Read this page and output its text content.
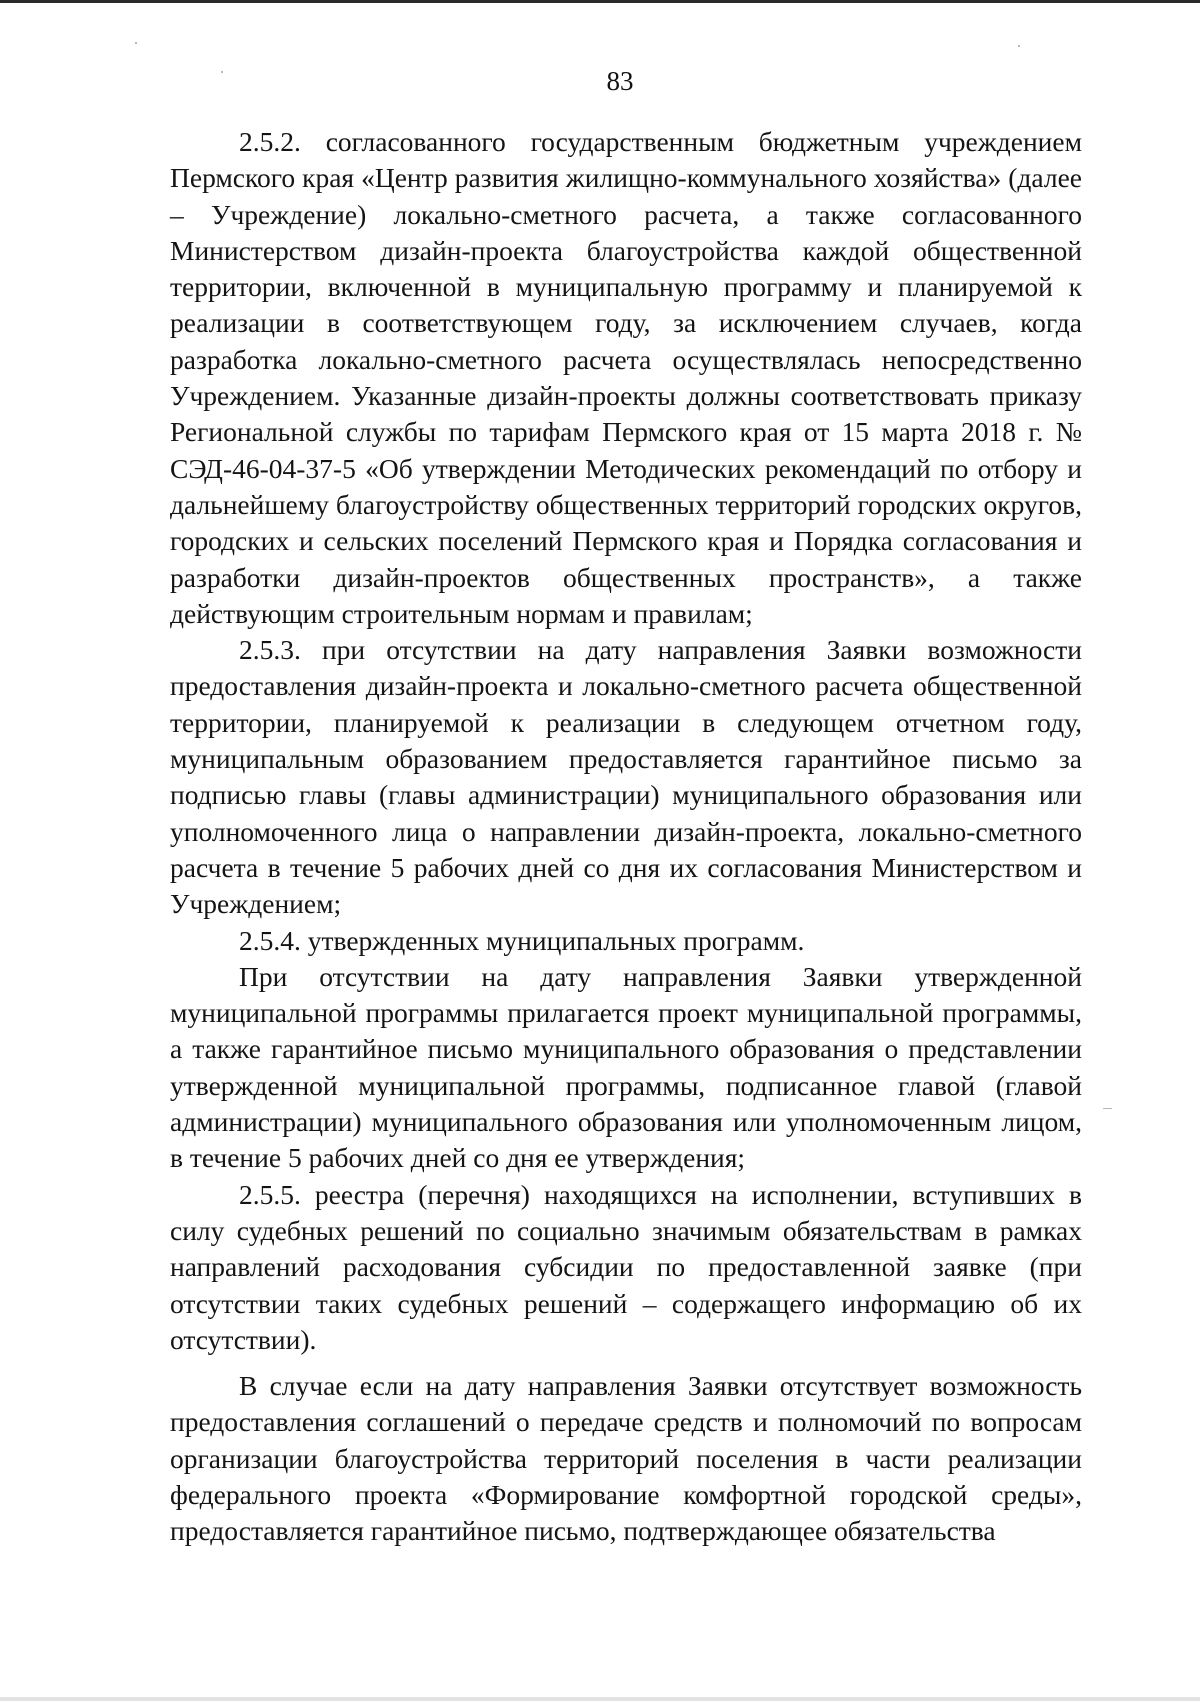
83

2.5.2. согласованного государственным бюджетным учреждением Пермского края «Центр развития жилищно-коммунального хозяйства» (далее – Учреждение) локально-сметного расчета, а также согласованного Министерством дизайн-проекта благоустройства каждой общественной территории, включенной в муниципальную программу и планируемой к реализации в соответствующем году, за исключением случаев, когда разработка локально-сметного расчета осуществлялась непосредственно Учреждением. Указанные дизайн-проекты должны соответствовать приказу Региональной службы по тарифам Пермского края от 15 марта 2018 г. № СЭД-46-04-37-5 «Об утверждении Методических рекомендаций по отбору и дальнейшему благоустройству общественных территорий городских округов, городских и сельских поселений Пермского края и Порядка согласования и разработки дизайн-проектов общественных пространств», а также действующим строительным нормам и правилам;

2.5.3. при отсутствии на дату направления Заявки возможности предоставления дизайн-проекта и локально-сметного расчета общественной территории, планируемой к реализации в следующем отчетном году, муниципальным образованием предоставляется гарантийное письмо за подписью главы (главы администрации) муниципального образования или уполномоченного лица о направлении дизайн-проекта, локально-сметного расчета в течение 5 рабочих дней со дня их согласования Министерством и Учреждением;

2.5.4. утвержденных муниципальных программ.

При отсутствии на дату направления Заявки утвержденной муниципальной программы прилагается проект муниципальной программы, а также гарантийное письмо муниципального образования о представлении утвержденной муниципальной программы, подписанное главой (главой администрации) муниципального образования или уполномоченным лицом, в течение 5 рабочих дней со дня ее утверждения;

2.5.5. реестра (перечня) находящихся на исполнении, вступивших в силу судебных решений по социально значимым обязательствам в рамках направлений расходования субсидии по предоставленной заявке (при отсутствии таких судебных решений – содержащего информацию об их отсутствии).

В случае если на дату направления Заявки отсутствует возможность предоставления соглашений о передаче средств и полномочий по вопросам организации благоустройства территорий поселения в части реализации федерального проекта «Формирование комфортной городской среды», предоставляется гарантийное письмо, подтверждающее обязательства
